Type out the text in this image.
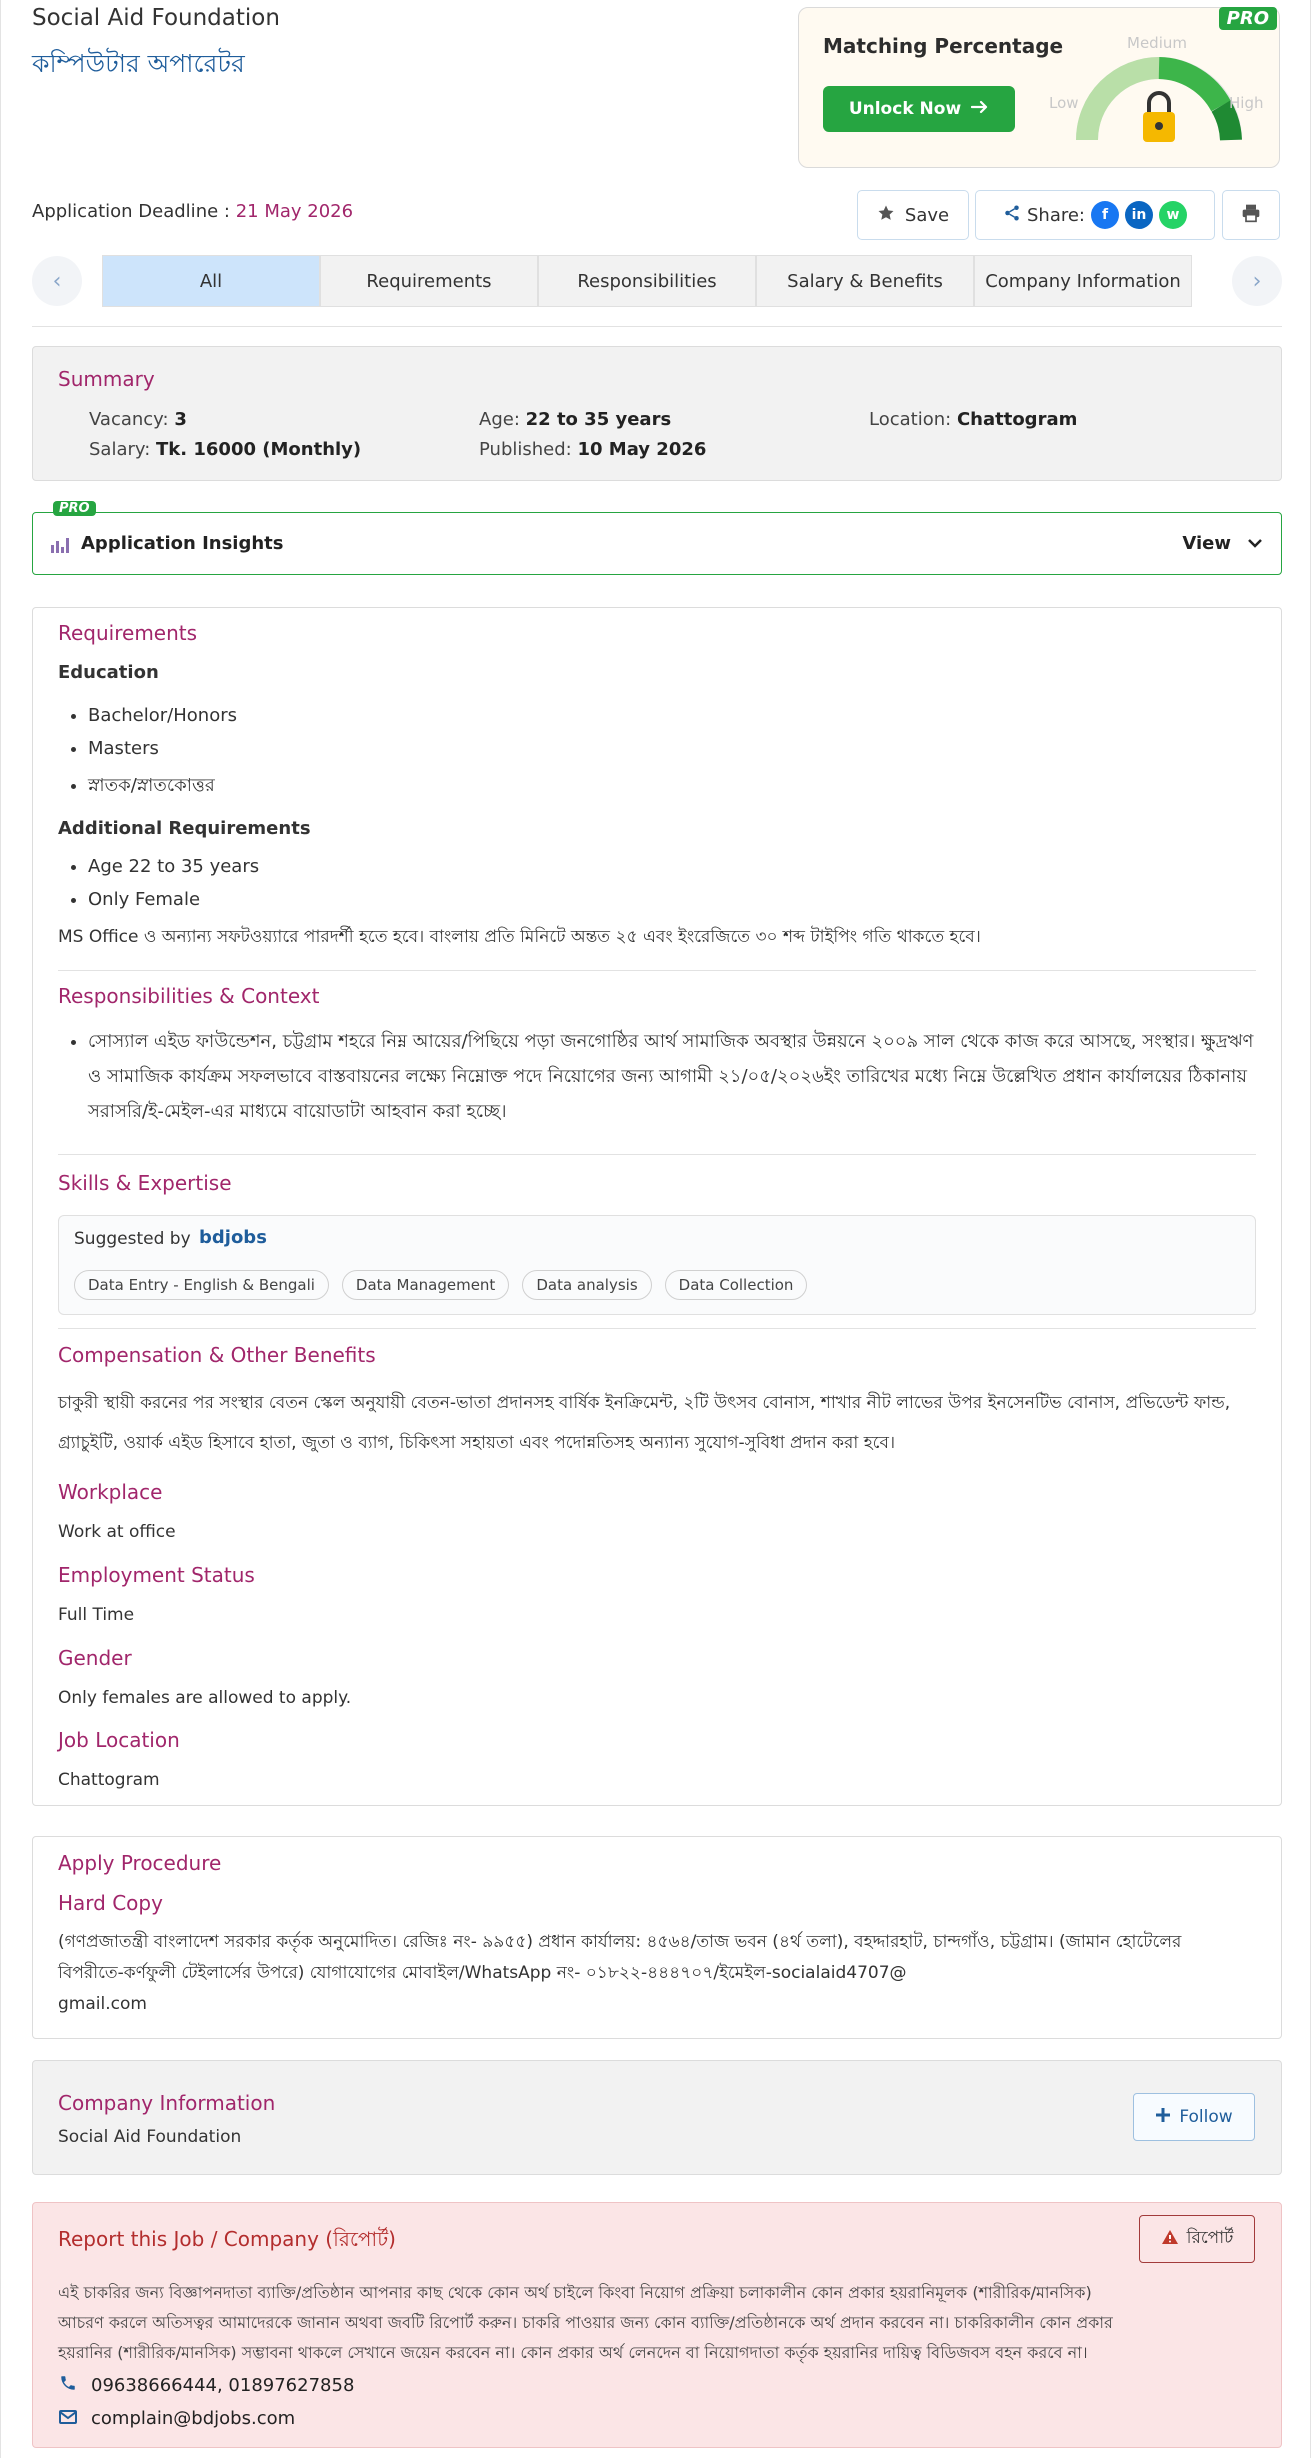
Social Aid Foundation
কম্পিউটার অপারেটর
PRO
Matching Percentage
Unlock Now
Medium
Low	High
Application Deadline : 21 May 2026	Save	Share:	f	in	w
‹	All	Requirements	Responsibilities	Salary & Benefits	Company Information	›
Summary
Vacancy: 3	Age: 22 to 35 years	Location: Chattogram
Salary: Tk. 16000 (Monthly)	Published: 10 May 2026
PRO
Application Insights	View
Requirements
Education
• Bachelor/Honors
• Masters
• স্নাতক/স্নাতকোত্তর
Additional Requirements
• Age 22 to 35 years
• Only Female
MS Office ও অন্যান্য সফটওয়্যারে পারদর্শী হতে হবে। বাংলায় প্রতি মিনিটে অন্তত ২৫ এবং ইংরেজিতে ৩০ শব্দ টাইপিং গতি থাকতে হবে।
Responsibilities & Context
• সোস্যাল এইড ফাউন্ডেশন, চট্টগ্রাম শহরে নিম্ন আয়ের/পিছিয়ে পড়া জনগোষ্ঠির আর্থ সামাজিক অবস্থার উন্নয়নে ২০০৯ সাল থেকে কাজ করে আসছে, সংস্থার। ক্ষুদ্রঋণ ও সামাজিক কার্যক্রম সফলভাবে বাস্তবায়নের লক্ষ্যে নিম্নোক্ত পদে নিয়োগের জন্য আগামী ২১/০৫/২০২৬ইং তারিখের মধ্যে নিম্নে উল্লেখিত প্রধান কার্যালয়ের ঠিকানায় সরাসরি/ই-মেইল-এর মাধ্যমে বায়োডাটা আহবান করা হচ্ছে।
Skills & Expertise
Suggested by bdjobs
Data Entry - English & Bengali	Data Management	Data analysis	Data Collection
Compensation & Other Benefits
চাকুরী স্থায়ী করনের পর সংস্থার বেতন স্কেল অনুযায়ী বেতন-ভাতা প্রদানসহ বার্ষিক ইনক্রিমেন্ট, ২টি উৎসব বোনাস, শাখার নীট লাভের উপর ইনসেনটিভ বোনাস, প্রভিডেন্ট ফান্ড, গ্র্যাচুইটি, ওয়ার্ক এইড হিসাবে হাতা, জুতা ও ব্যাগ, চিকিৎসা সহায়তা এবং পদোন্নতিসহ অন্যান্য সুযোগ-সুবিধা প্রদান করা হবে।
Workplace
Work at office
Employment Status
Full Time
Gender
Only females are allowed to apply.
Job Location
Chattogram
Apply Procedure
Hard Copy
(গণপ্রজাতন্ত্রী বাংলাদেশ সরকার কর্তৃক অনুমোদিত। রেজিঃ নং- ৯৯৫৫) প্রধান কার্যালয়: ৪৫৬৪/তাজ ভবন (৪র্থ তলা), বহদ্দারহাট, চান্দগাঁও, চট্টগ্রাম। (জামান হোটেলের
বিপরীতে-কর্ণফুলী টেইলার্সের উপরে) যোগাযোগের মোবাইল/WhatsApp নং- ০১৮২২-৪৪৪৭০৭/ইমেইল-socialaid4707@
gmail.com
Company Information
Social Aid Foundation
Follow
Report this Job / Company (রিপোর্ট)	রিপোর্ট
এই চাকরির জন্য বিজ্ঞাপনদাতা ব্যাক্তি/প্রতিষ্ঠান আপনার কাছ থেকে কোন অর্থ চাইলে কিংবা নিয়োগ প্রক্রিয়া চলাকালীন কোন প্রকার হয়রানিমূলক (শারীরিক/মানসিক)
আচরণ করলে অতিসত্বর আমাদেরকে জানান অথবা জবটি রিপোর্ট করুন। চাকরি পাওয়ার জন্য কোন ব্যাক্তি/প্রতিষ্ঠানকে অর্থ প্রদান করবেন না। চাকরিকালীন কোন প্রকার
হয়রানির (শারীরিক/মানসিক) সম্ভাবনা থাকলে সেখানে জয়েন করবেন না। কোন প্রকার অর্থ লেনদেন বা নিয়োগদাতা কর্তৃক হয়রানির দায়িত্ব বিডিজবস বহন করবে না।
09638666444, 01897627858
complain@bdjobs.com
